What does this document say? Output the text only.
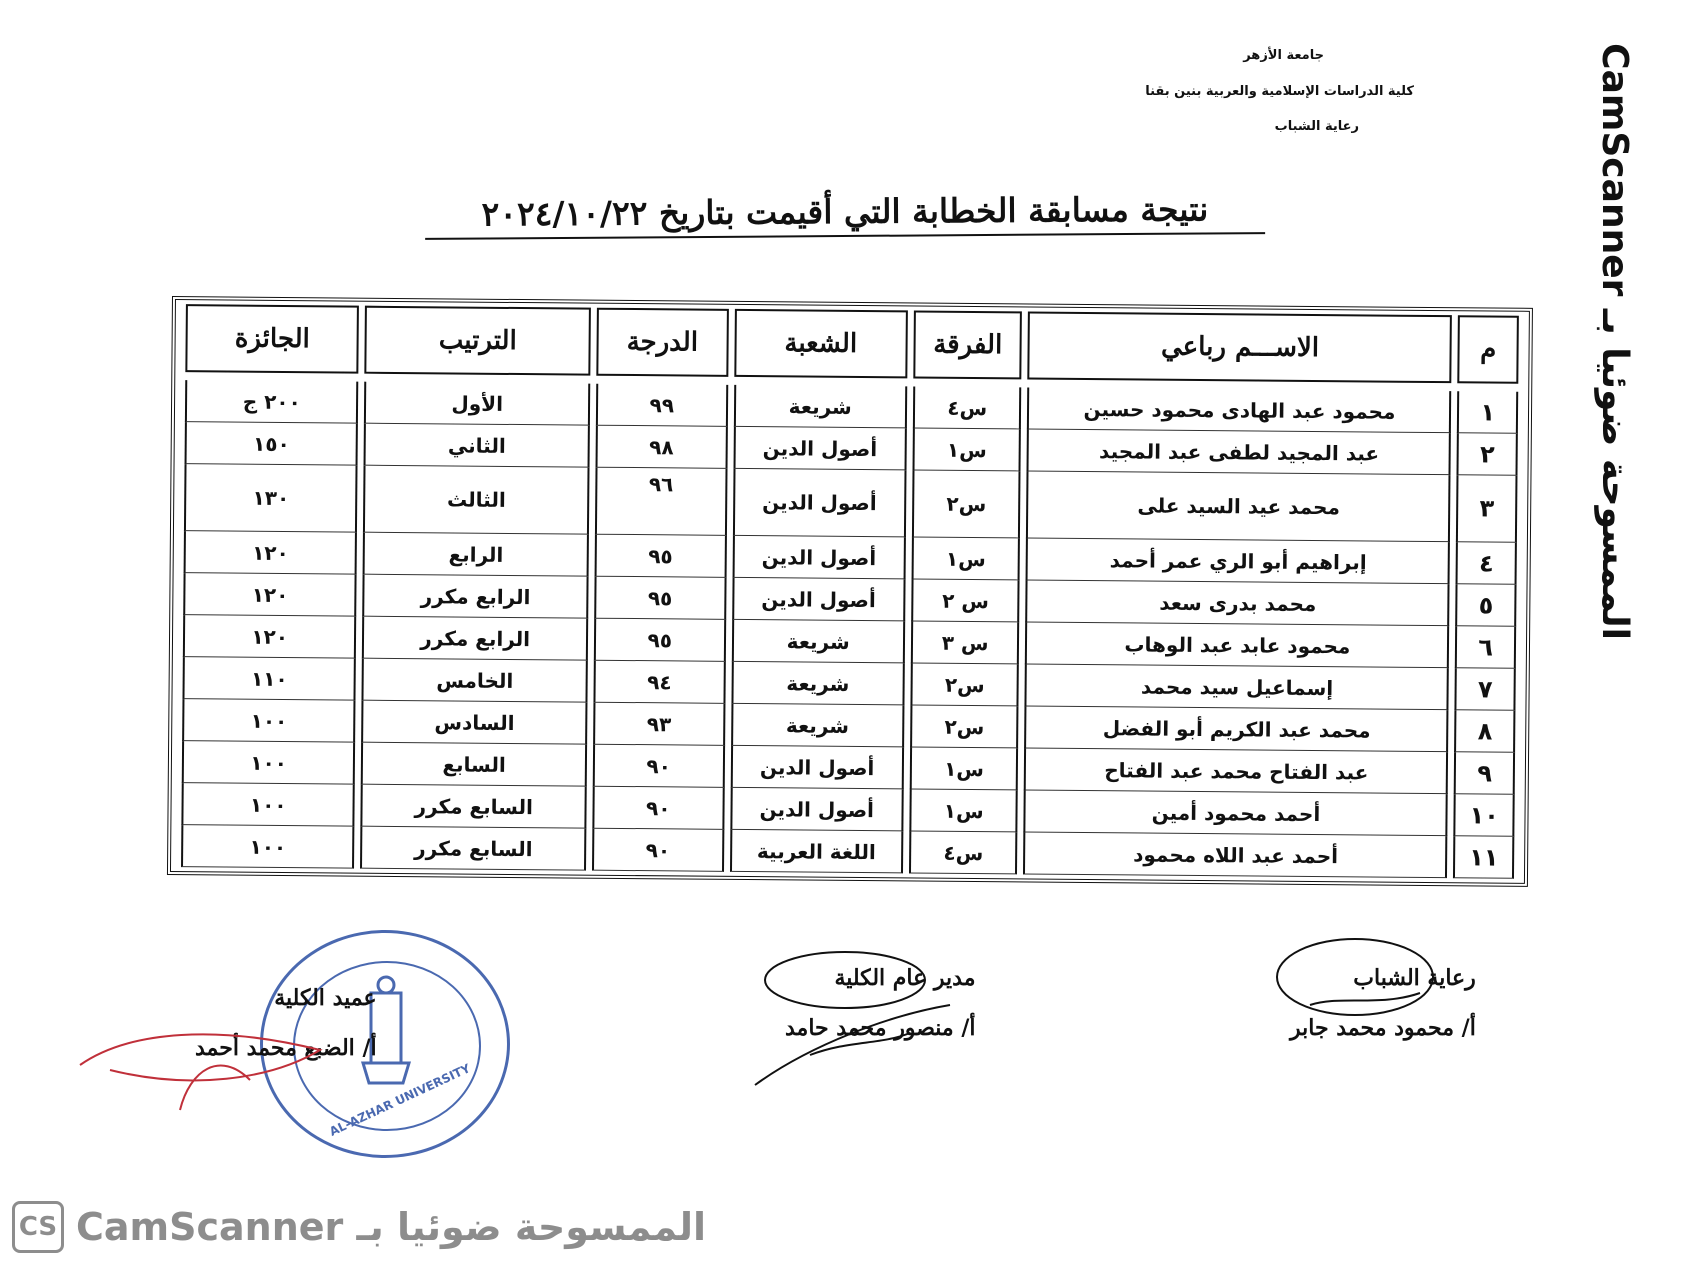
جامعة الأزهر
كلية الدراسات الإسلامية والعربية بنين بقنا
رعاية الشباب
نتيجة مسابقة الخطابة التي أقيمت بتاريخ ٢٠٢٤/١٠/٢٢
م	الاســـم رباعي	الفرقة	الشعبة	الدرجة	الترتيب	الجائزة

١	محمود عبد الهادى محمود حسين	س٤	شريعة	٩٩	الأول	٢٠٠ ج
٢	عبد المجيد لطفى عبد المجيد	س١	أصول الدين	٩٨	الثاني	١٥٠
٣	محمد عيد السيد على	س٢	أصول الدين	٩٦	الثالث	١٣٠
٤	إبراهيم أبو الري عمر أحمد	س١	أصول الدين	٩٥	الرابع	١٢٠
٥	محمد بدرى سعد	س ٢	أصول الدين	٩٥	الرابع مكرر	١٢٠
٦	محمود عابد عبد الوهاب	س ٣	شريعة	٩٥	الرابع مكرر	١٢٠
٧	إسماعيل سيد محمد	س٢	شريعة	٩٤	الخامس	١١٠
٨	محمد عبد الكريم أبو الفضل	س٢	شريعة	٩٣	السادس	١٠٠
٩	عبد الفتاح محمد عبد الفتاح	س١	أصول الدين	٩٠	السابع	١٠٠
١٠	أحمد محمود أمين	س١	أصول الدين	٩٠	السابع مكرر	١٠٠
١١	أحمد عبد اللاه محمود	س٤	اللغة العربية	٩٠	السابع مكرر	١٠٠
رعاية الشباب
أ/ محمود محمد جابر
مدير عام الكلية
أ/ منصور محمد حامد
AL-AZHAR UNIVERSITY
عميد الكلية
أ/ الضبع محمد أحمد
CS CamScanner الممسوحة ضوئيا بـ
الممسوحة ضوئيا بـ CamScanner
